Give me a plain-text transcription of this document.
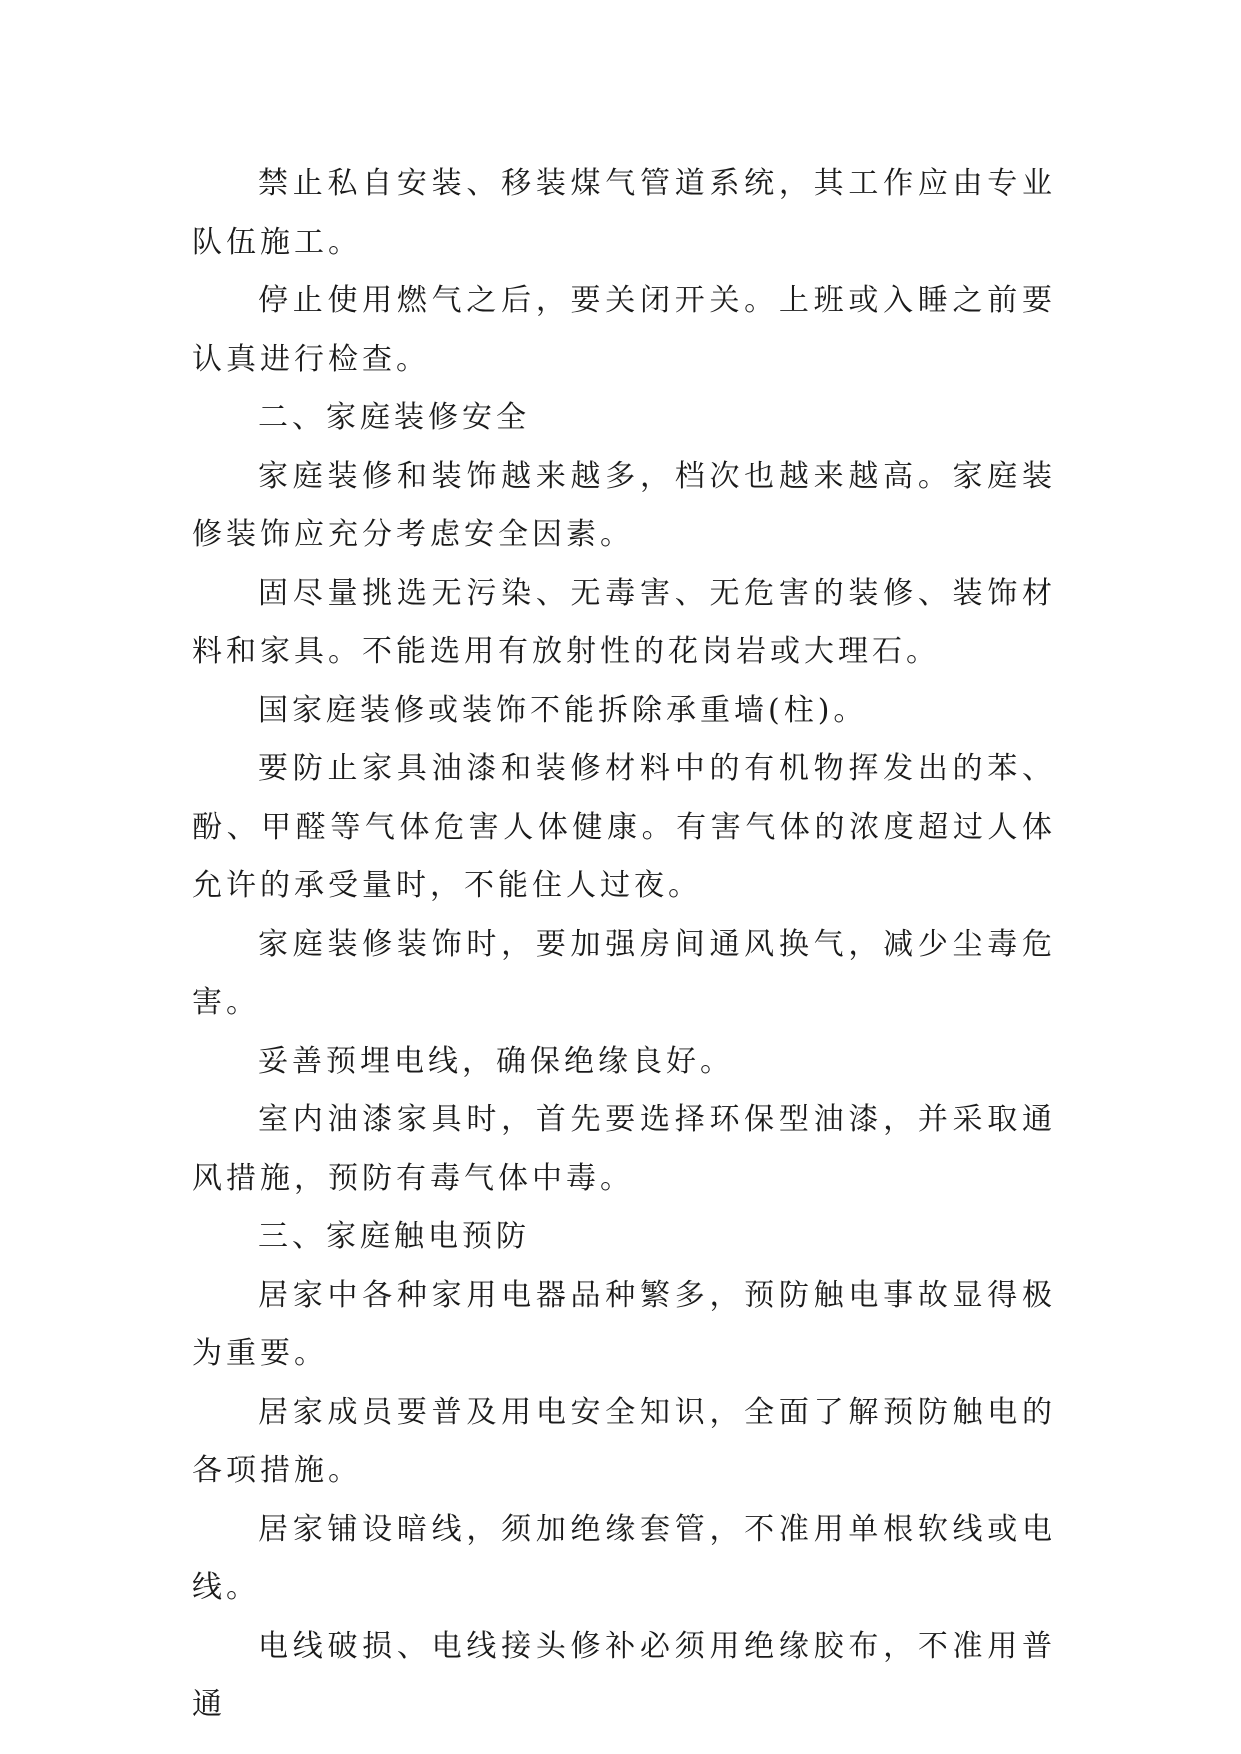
禁止私自安装、移装煤气管道系统，其工作应由专业队伍施工。

停止使用燃气之后，要关闭开关。上班或入睡之前要认真进行检查。

二、家庭装修安全

家庭装修和装饰越来越多，档次也越来越高。家庭装修装饰应充分考虑安全因素。

固尽量挑选无污染、无毒害、无危害的装修、装饰材料和家具。不能选用有放射性的花岗岩或大理石。

国家庭装修或装饰不能拆除承重墙(柱)。

要防止家具油漆和装修材料中的有机物挥发出的苯、酚、甲醛等气体危害人体健康。有害气体的浓度超过人体允许的承受量时，不能住人过夜。

家庭装修装饰时，要加强房间通风换气，减少尘毒危害。

妥善预埋电线，确保绝缘良好。

室内油漆家具时，首先要选择环保型油漆，并采取通风措施，预防有毒气体中毒。

三、家庭触电预防

居家中各种家用电器品种繁多，预防触电事故显得极为重要。

居家成员要普及用电安全知识，全面了解预防触电的各项措施。

居家铺设暗线，须加绝缘套管，不准用单根软线或电线。

电线破损、电线接头修补必须用绝缘胶布，不准用普通
